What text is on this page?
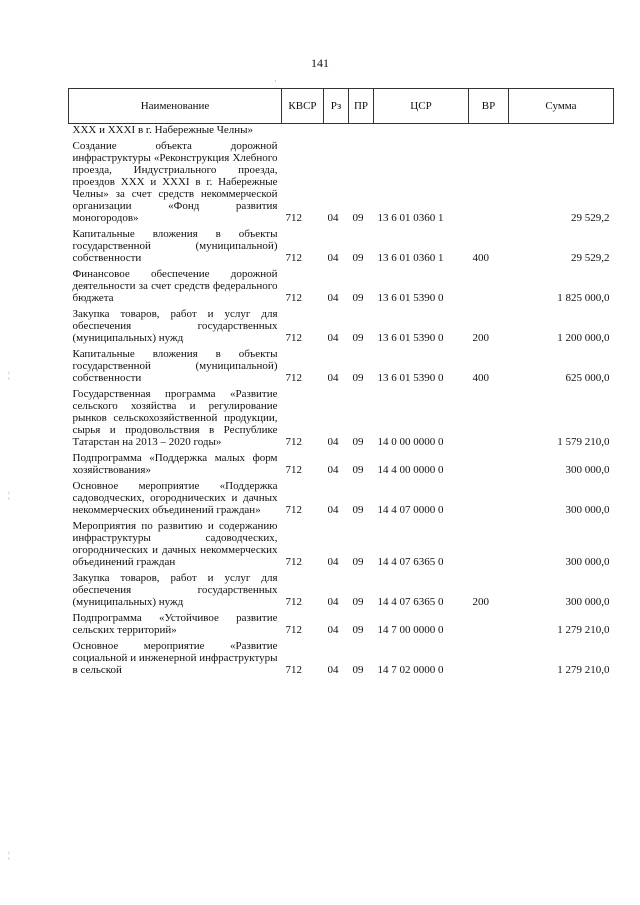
141
Наименование	КВСР	Рз	ПР	ЦСР	ВР	Сумма
XXX и XXXI в г. Набережные Челны»						
Создание объекта дорожной инфраструктуры «Реконструкция Хлебного проезда, Индустриального проезда, проездов XXX и XXXI в г. Набережные Челны» за счет средств некоммерческой организации «Фонд развития моногородов»	712	04	09	13 6 01 0360 1		29 529,2
Капитальные вложения в объекты государственной (муниципальной) собственности	712	04	09	13 6 01 0360 1	400	29 529,2
Финансовое обеспечение дорожной деятельности за счет средств федерального бюджета	712	04	09	13 6 01 5390 0		1 825 000,0
Закупка товаров, работ и услуг для обеспечения государственных (муниципальных) нужд	712	04	09	13 6 01 5390 0	200	1 200 000,0
Капитальные вложения в объекты государственной (муниципальной) собственности	712	04	09	13 6 01 5390 0	400	625 000,0
Государственная программа «Развитие сельского хозяйства и регулирование рынков сельскохозяйственной продукции, сырья и продовольствия в Республике Татарстан на 2013 – 2020 годы»	712	04	09	14 0 00 0000 0		1 579 210,0
Подпрограмма «Поддержка малых форм хозяйствования»	712	04	09	14 4 00 0000 0		300 000,0
Основное мероприятие «Поддержка садоводческих, огороднических и дачных некоммерческих объединений граждан»	712	04	09	14 4 07 0000 0		300 000,0
Мероприятия по развитию и содержанию инфраструктуры садоводческих, огороднических и дачных некоммерческих объединений граждан	712	04	09	14 4 07 6365 0		300 000,0
Закупка товаров, работ и услуг для обеспечения государственных (муниципальных) нужд	712	04	09	14 4 07 6365 0	200	300 000,0
Подпрограмма «Устойчивое развитие сельских территорий»	712	04	09	14 7 00 0000 0		1 279 210,0
Основное мероприятие «Развитие социальной и инженерной инфраструктуры в сельской	712	04	09	14 7 02 0000 0		1 279 210,0
·
¦
¦
¦
